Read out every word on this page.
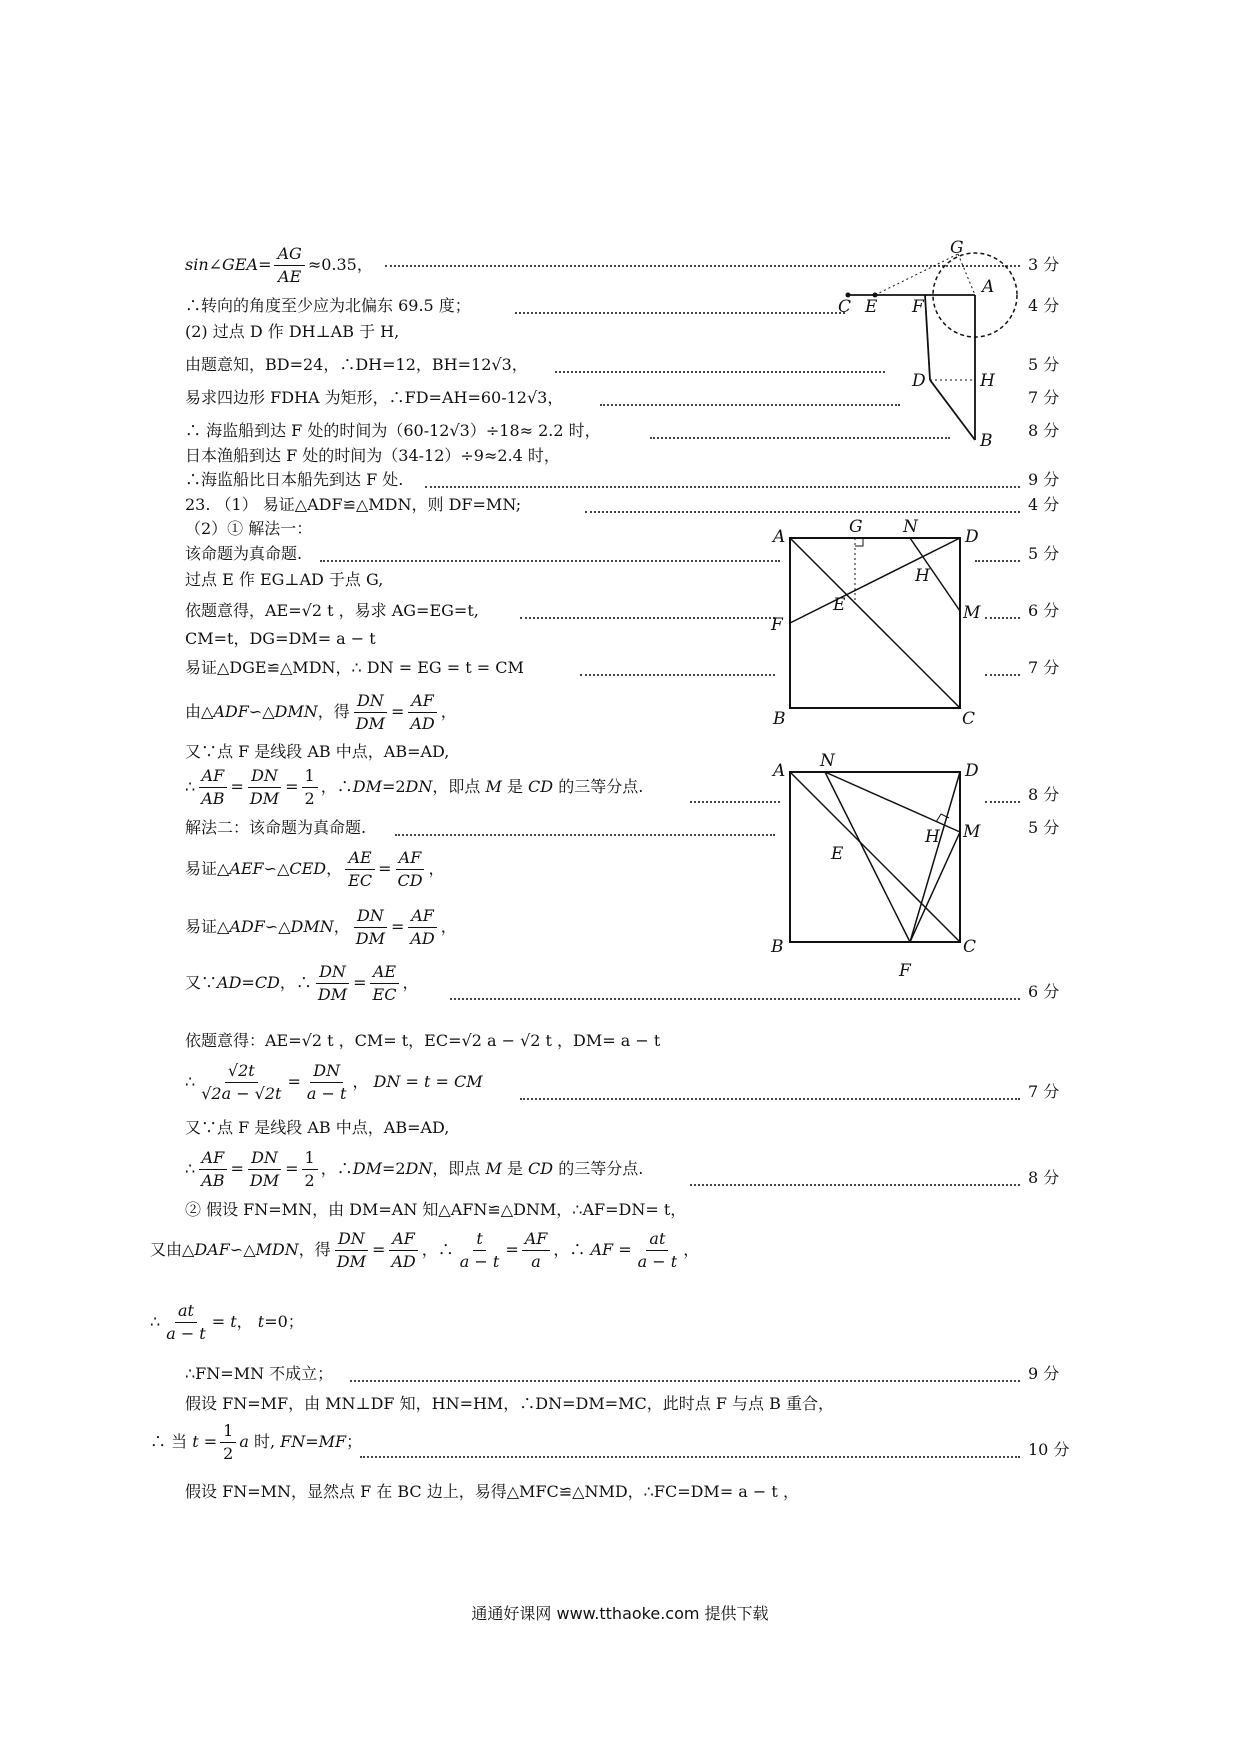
sin∠GEA= $\frac{AG}{AE} \approx 0.35$，	3 分
∴转向的角度至少应为北偏东 69.5 度；	4 分
(2) 过点 D 作 DH⊥AB 于 H,
由题意知，BD=24，∴DH=12，BH=12√3，	5 分
易求四边形 FDHA 为矩形，∴FD=AH=60-12√3，	7 分
∴ 海监船到达 F 处的时间为（60-12√3）÷18≈ 2.2 时，	8 分
日本渔船到达 F 处的时间为（34-12）÷9≈2.4 时，
∴海监船比日本船先到达 F 处.	9 分
23. （1） 易证△ADF≌△MDN，则 DF=MN;	4 分
（2）① 解法一：
该命题为真命题.	5 分
过点 E 作 EG⊥AD 于点 G,
依题意得，AE=√2 t ，易求 AG=EG=t,	6 分
CM=t，DG=DM= a − t
易证△DGE≌△MDN，∴ DN = EG = t = CM	7 分
由△ADF∽△DMN，得 $\frac{DN}{DM} = \frac{AF}{AD}$ ，
又∵点 F 是线段 AB 中点，AB=AD,
∴ $\frac{AF}{AB} = \frac{DN}{DM} = \frac{1}{2}$ ，∴DM=2DN，即点 M 是 CD 的三等分点.	8 分
解法二：该命题为真命题.	5 分
易证△AEF∽△CED， $\frac{AE}{EC} = \frac{AF}{CD}$ ，
易证△ADF∽△DMN， $\frac{DN}{DM} = \frac{AF}{AD}$ ，
又∵AD=CD，∴ $\frac{DN}{DM} = \frac{AE}{EC}$ ，	6 分
依题意得：AE=√2 t ，CM= t，EC=√2 a − √2 t ，DM= a − t
∴ $\frac{√2t}{√2a - √2t} = \frac{DN}{a - t}$ ， DN = t = CM
7 分
又∵点 F 是线段 AB 中点，AB=AD,
∴ $\frac{AF}{AB} = \frac{DN}{DM} = \frac{1}{2}$ ，∴DM=2DN，即点 M 是 CD 的三等分点.	8 分
② 假设 FN=MN，由 DM=AN 知△AFN≌△DNM，∴AF=DN= t，
又由△DAF∽△MDN，得 $\frac{DN}{DM} = \frac{AF}{AD}$ ，∴ $\frac{t}{a - t} = \frac{AF}{a}$ ，∴ AF = $\frac{at}{a - t}$ ，
∴ $\frac{at}{a - t} = t$， t=0；
∴FN=MN 不成立；	9 分
假设 FN=MF，由 MN⊥DF 知，HN=HM，∴DN=DM=MC，此时点 F 与点 B 重合，
∴ 当 $t = \frac{1}{2}$ a 时, FN=MF；	10 分
假设 FN=MN，显然点 F 在 BC 边上，易得△MFC≌△NMD，∴FC=DM= a − t ，
G
C E F
A
D	H
B
A	G N	D
H
E	M
F
B	C
A N	D
H M
E
B
F
C
通通好课网 www.tthaoke.com 提供下载
